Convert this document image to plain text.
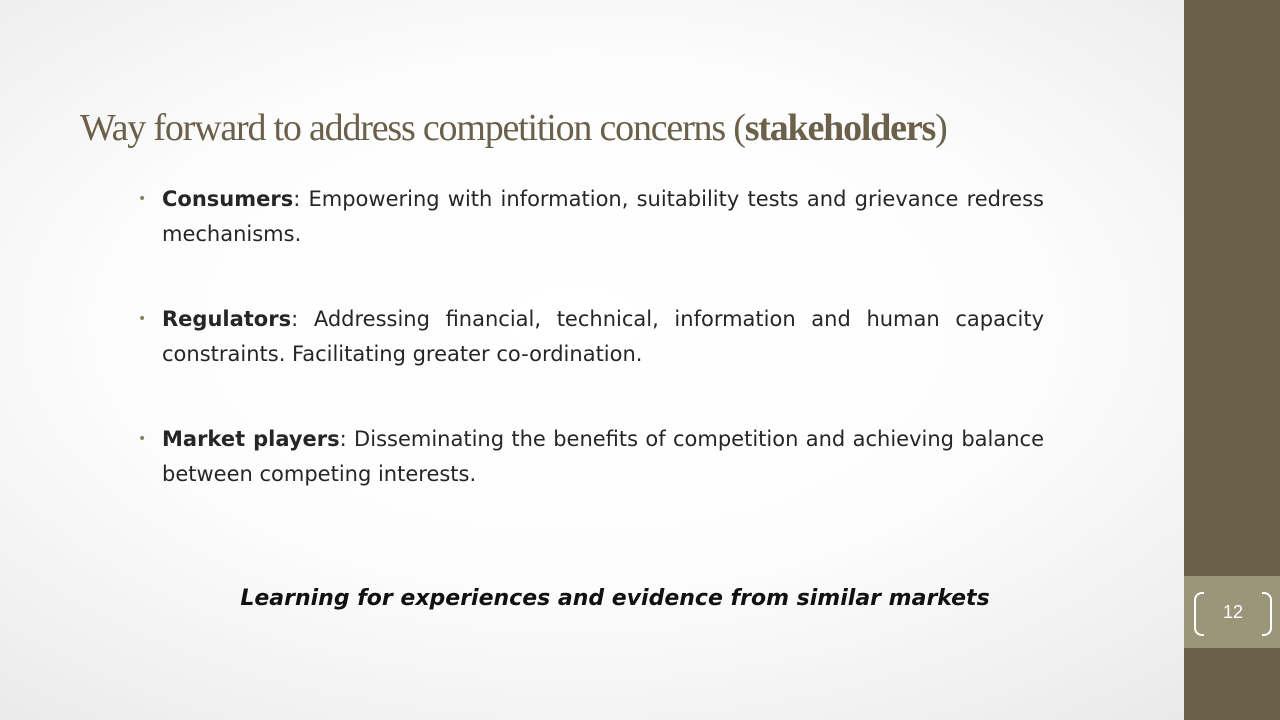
12
Way forward to address competition concerns (stakeholders)
• Consumers: Empowering with information, suitability tests and grievance redress mechanisms.
• Regulators: Addressing financial, technical, information and human capacity constraints. Facilitating greater co-ordination.
• Market players: Disseminating the benefits of competition and achieving balance between competing interests.
Learning for experiences and evidence from similar markets
